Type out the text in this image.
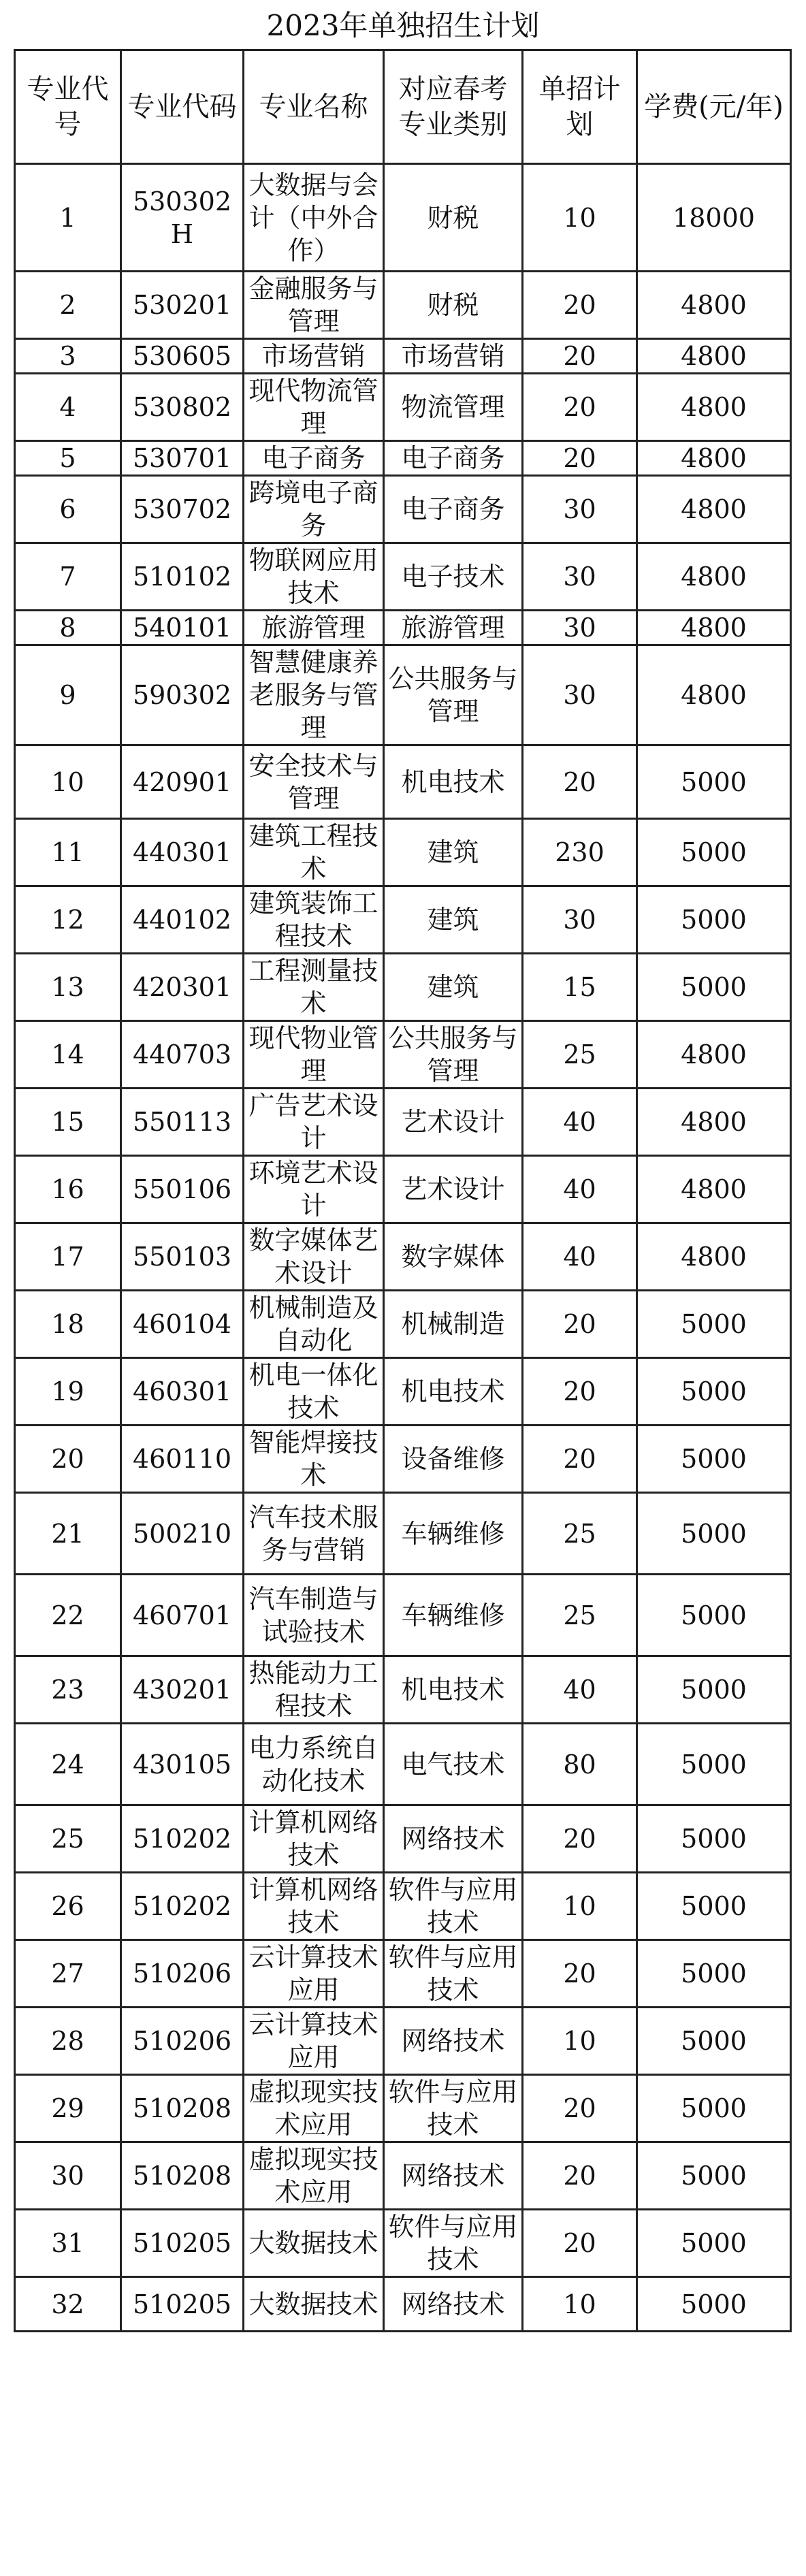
2023年单独招生计划
专业代号	专业代码	专业名称	对应春考专业类别	单招计划	学费(元/年)
1	530302H	大数据与会计（中外合作）	财税	10	18000
2	530201	金融服务与管理	财税	20	4800
3	530605	市场营销	市场营销	20	4800
4	530802	现代物流管理	物流管理	20	4800
5	530701	电子商务	电子商务	20	4800
6	530702	跨境电子商务	电子商务	30	4800
7	510102	物联网应用技术	电子技术	30	4800
8	540101	旅游管理	旅游管理	30	4800
9	590302	智慧健康养老服务与管理	公共服务与管理	30	4800
10	420901	安全技术与管理	机电技术	20	5000
11	440301	建筑工程技术	建筑	230	5000
12	440102	建筑装饰工程技术	建筑	30	5000
13	420301	工程测量技术	建筑	15	5000
14	440703	现代物业管理	公共服务与管理	25	4800
15	550113	广告艺术设计	艺术设计	40	4800
16	550106	环境艺术设计	艺术设计	40	4800
17	550103	数字媒体艺术设计	数字媒体	40	4800
18	460104	机械制造及自动化	机械制造	20	5000
19	460301	机电一体化技术	机电技术	20	5000
20	460110	智能焊接技术	设备维修	20	5000
21	500210	汽车技术服务与营销	车辆维修	25	5000
22	460701	汽车制造与试验技术	车辆维修	25	5000
23	430201	热能动力工程技术	机电技术	40	5000
24	430105	电力系统自动化技术	电气技术	80	5000
25	510202	计算机网络技术	网络技术	20	5000
26	510202	计算机网络技术	软件与应用技术	10	5000
27	510206	云计算技术应用	软件与应用技术	20	5000
28	510206	云计算技术应用	网络技术	10	5000
29	510208	虚拟现实技术应用	软件与应用技术	20	5000
30	510208	虚拟现实技术应用	网络技术	20	5000
31	510205	大数据技术	软件与应用技术	20	5000
32	510205	大数据技术	网络技术	10	5000
